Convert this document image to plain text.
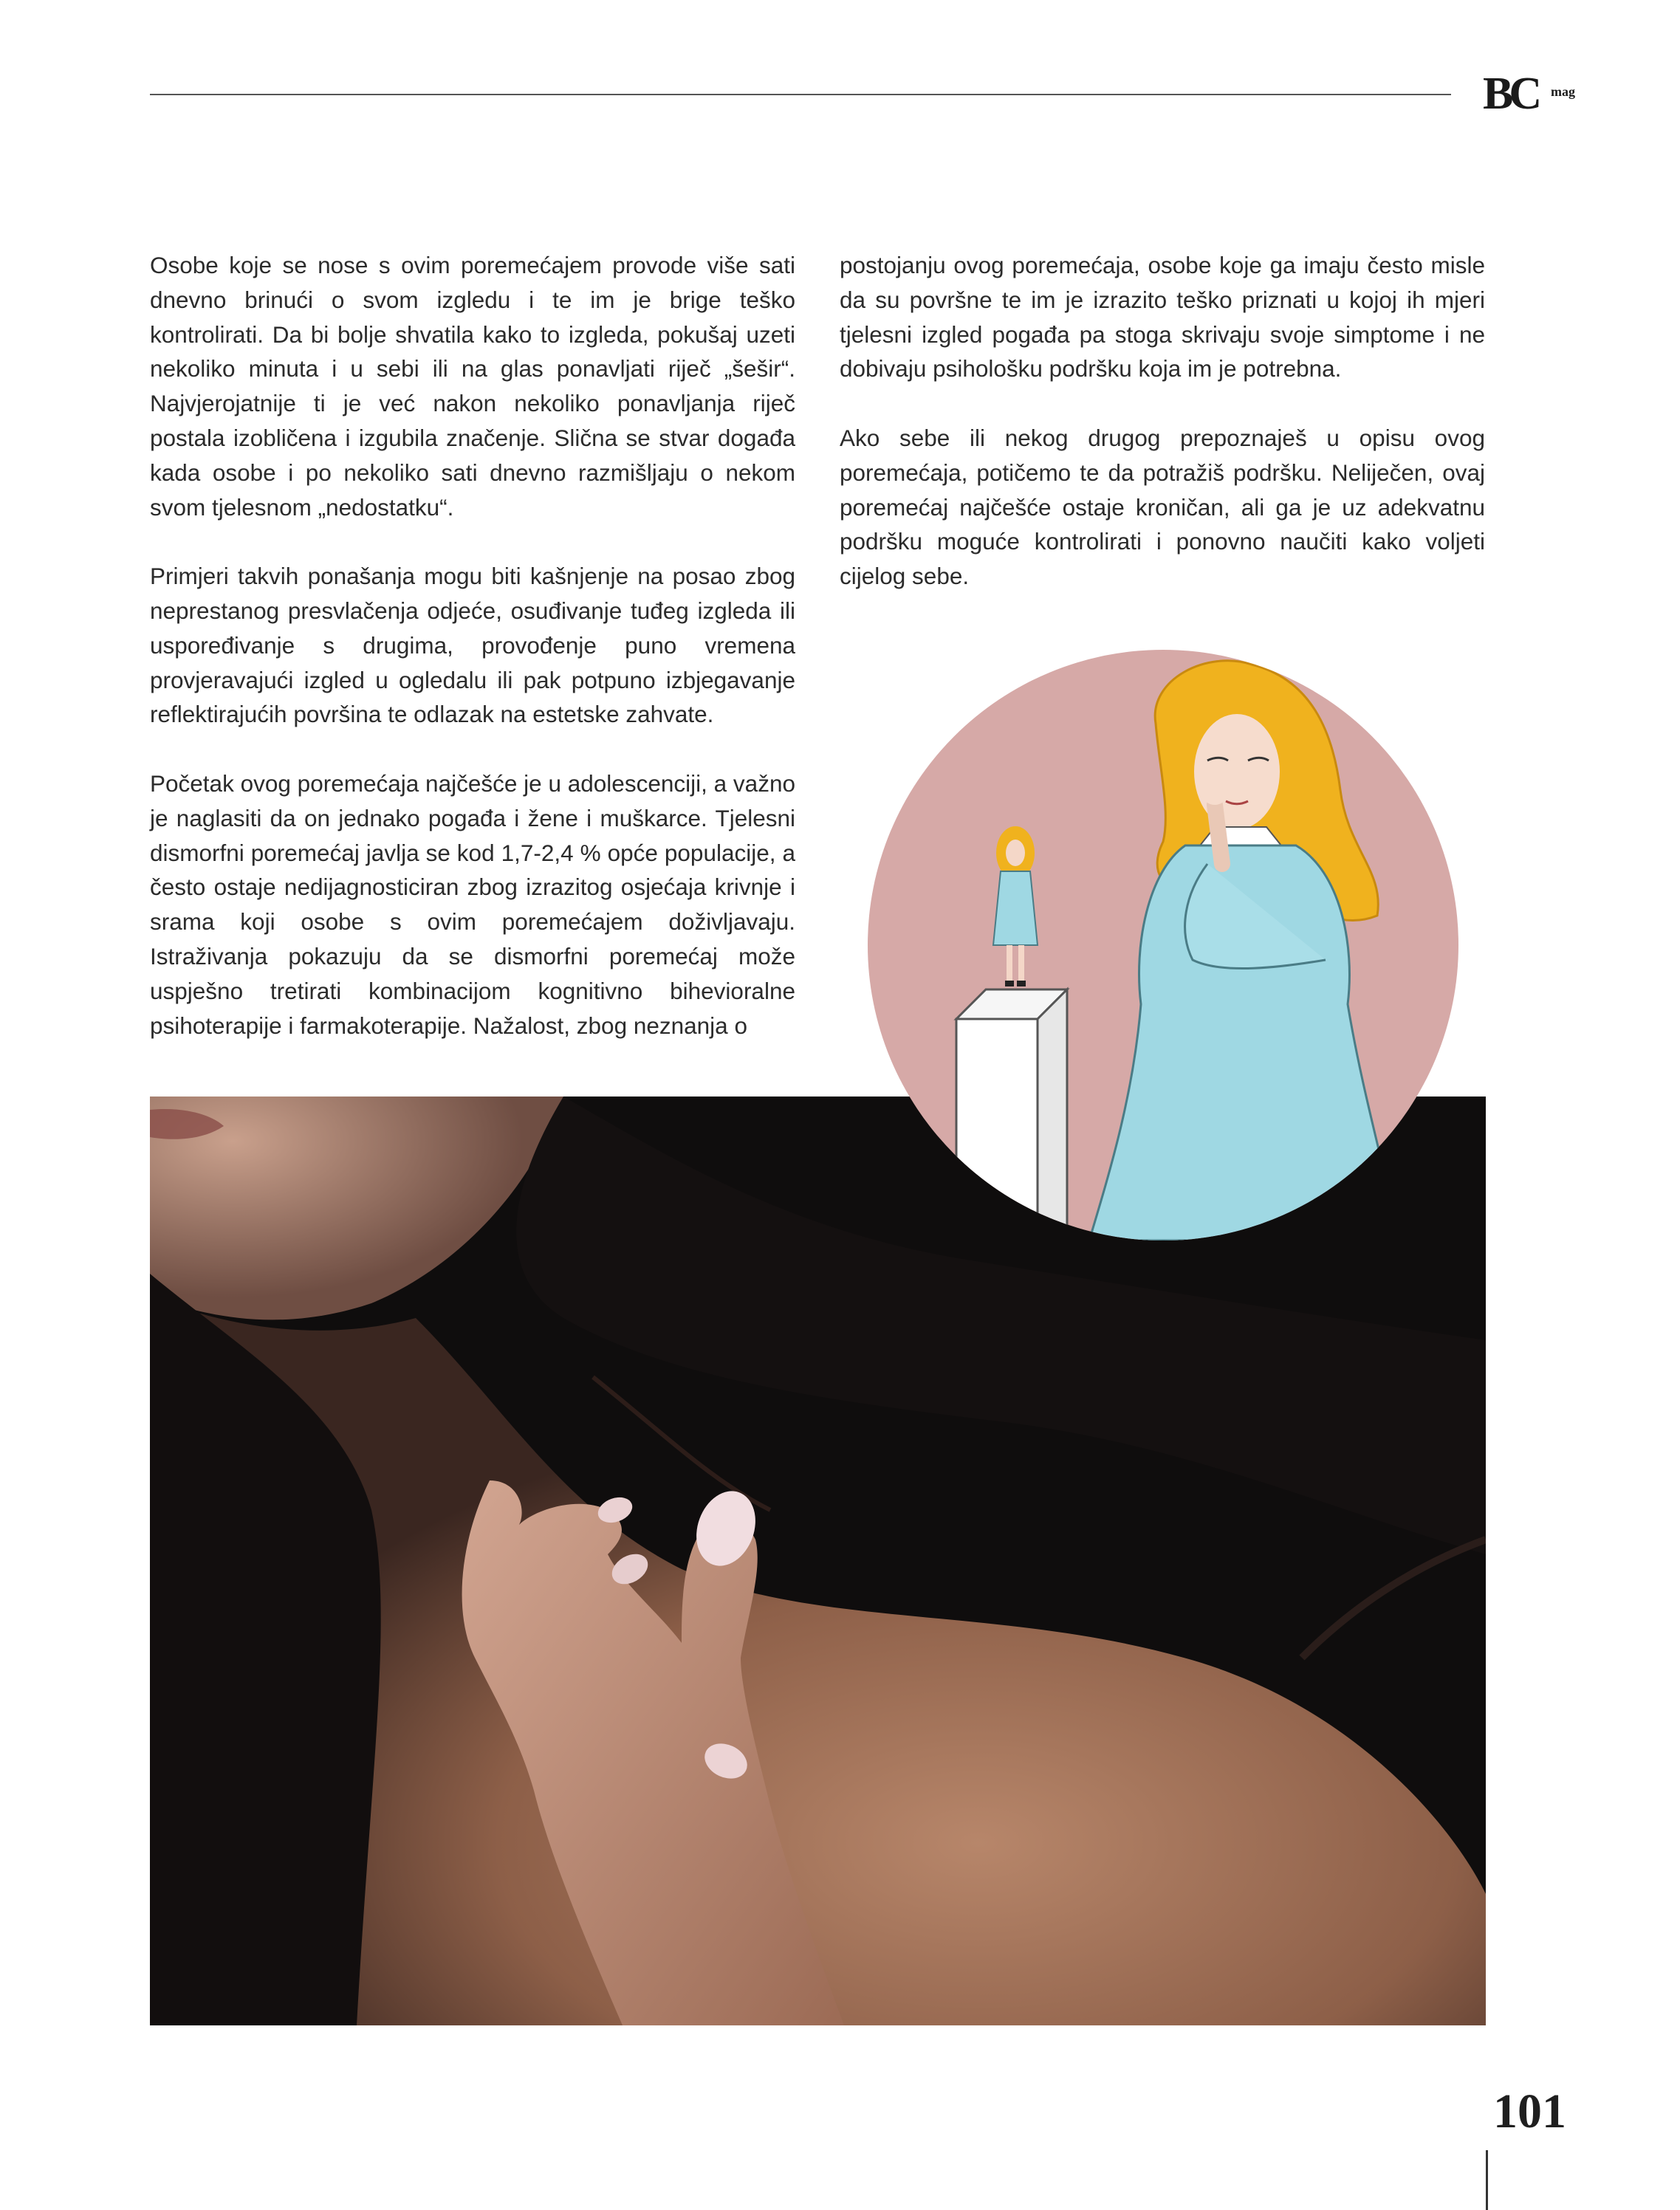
BC mag

Osobe koje se nose s ovim poremećajem provode više sati dnevno brinući o svom izgledu i te im je brige teško kontrolirati. Da bi bolje shvatila kako to izgleda, pokušaj uzeti nekoliko minuta i u sebi ili na glas ponavljati riječ „šešir“. Najvjerojatnije ti je već nakon nekoliko ponavljanja riječ postala izobličena i izgubila značenje. Slična se stvar događa kada osobe i po nekoliko sati dnevno razmišljaju o nekom svom tjelesnom „nedostatku“.

Primjeri takvih ponašanja mogu biti kašnjenje na posao zbog neprestanog presvlačenja odjeće, osuđivanje tuđeg izgleda ili uspoređivanje s drugima, provođenje puno vremena provjeravajući izgled u ogledalu ili pak potpuno izbjegavanje reflektirajućih površina te odlazak na estetske zahvate.

Početak ovog poremećaja najčešće je u adolescenciji, a važno je naglasiti da on jednako pogađa i žene i muškarce. Tjelesni dismorfni poremećaj javlja se kod 1,7-2,4 % opće populacije, a često ostaje nedijagnosticiran zbog izrazitog osjećaja krivnje i srama koji osobe s ovim poremećajem doživljavaju. Istraživanja pokazuju da se dismorfni poremećaj može uspješno tretirati kombinacijom kognitivno bihevioralne psihoterapije i farmakoterapije. Nažalost, zbog neznanja o

postojanju ovog poremećaja, osobe koje ga imaju često misle da su površne te im je izrazito teško priznati u kojoj ih mjeri tjelesni izgled pogađa pa stoga skrivaju svoje simptome i ne dobivaju psihološku podršku koja im je potrebna.

Ako sebe ili nekog drugog prepoznaješ u opisu ovog poremećaja, potičemo te da potražiš podršku. Neliječen, ovaj poremećaj najčešće ostaje kroničan, ali ga je uz adekvatnu podršku moguće kontrolirati i ponovno naučiti kako voljeti cijelog sebe.

101
